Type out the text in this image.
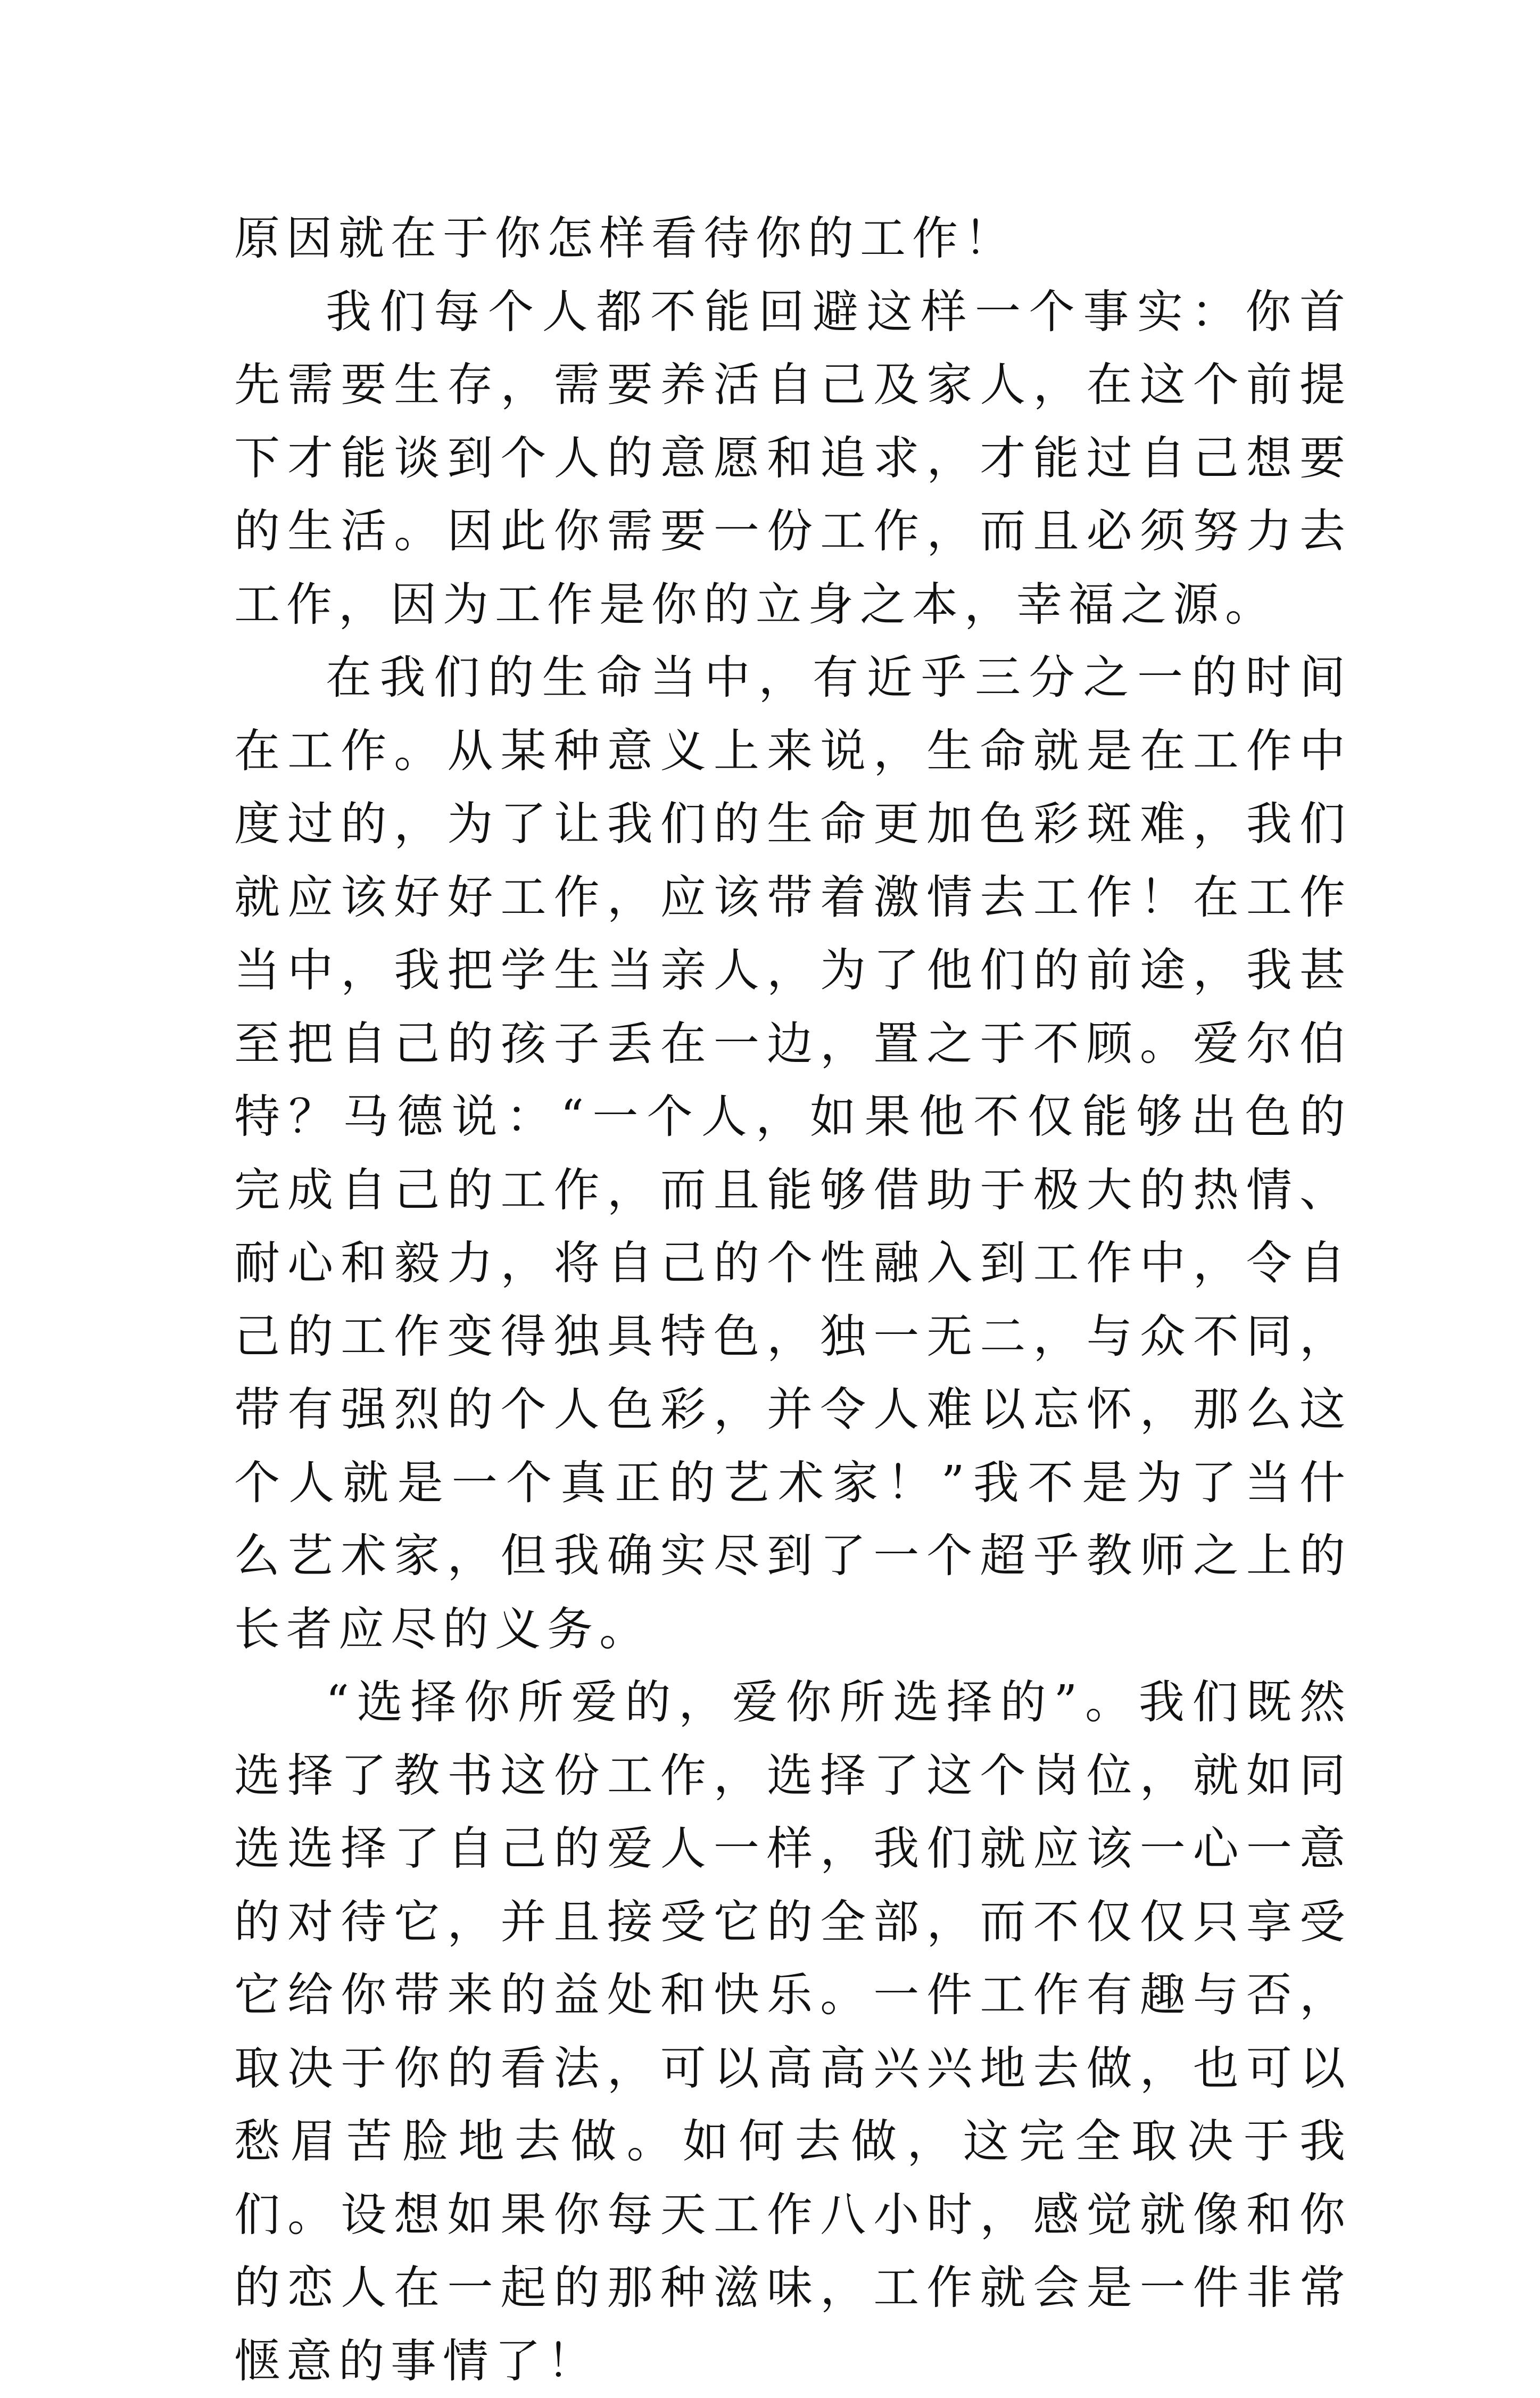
原因就在于你怎样看待你的工作！

我们每个人都不能回避这样一个事实：你首先需要生存，需要养活自己及家人，在这个前提下才能谈到个人的意愿和追求，才能过自己想要的生活。因此你需要一份工作，而且必须努力去工作，因为工作是你的立身之本，幸福之源。

在我们的生命当中，有近乎三分之一的时间在工作。从某种意义上来说，生命就是在工作中度过的，为了让我们的生命更加色彩斑难，我们就应该好好工作，应该带着激情去工作！在工作当中，我把学生当亲人，为了他们的前途，我甚至把自己的孩子丢在一边，置之于不顾。爱尔伯特？马德说：“一个人，如果他不仅能够出色的完成自己的工作，而且能够借助于极大的热情、耐心和毅力，将自己的个性融入到工作中，令自己的工作变得独具特色，独一无二，与众不同，带有强烈的个人色彩，并令人难以忘怀，那么这个人就是一个真正的艺术家！”我不是为了当什么艺术家，但我确实尽到了一个超乎教师之上的长者应尽的义务。

“选择你所爱的，爱你所选择的”。我们既然选择了教书这份工作，选择了这个岗位，就如同选选择了自己的爱人一样，我们就应该一心一意的对待它，并且接受它的全部，而不仅仅只享受它给你带来的益处和快乐。一件工作有趣与否，取决于你的看法，可以高高兴兴地去做，也可以愁眉苦脸地去做。如何去做，这完全取决于我们。设想如果你每天工作八小时，感觉就像和你的恋人在一起的那种滋味，工作就会是一件非常惬意的事情了！
